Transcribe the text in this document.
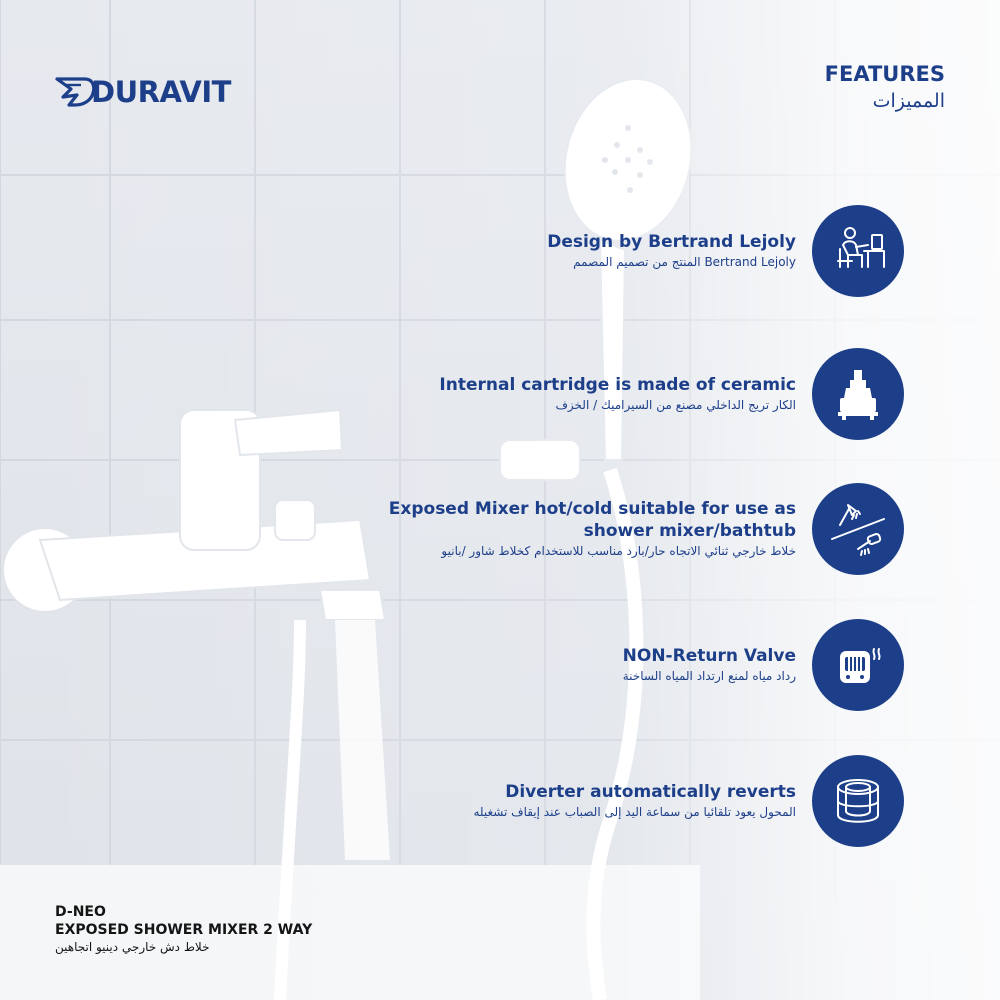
DURAVIT
FEATURES
المميزات
Design by Bertrand Lejoly
المنتج من تصميم المصمم Bertrand Lejoly
Internal cartridge is made of ceramic
الكار تريج الداخلي مصنع من السيراميك / الخزف
Exposed Mixer hot/cold suitable for use as
shower mixer/bathtub
خلاط خارجي ثنائي الاتجاه حار/بارد مناسب للاستخدام كخلاط شاور /بانيو
NON-Return Valve
رداد مياه لمنع ارتداد المياه الساخنة
Diverter automatically reverts
المحول يعود تلقائيا من سماعة اليد إلى الصباب عند إيقاف تشغيله
D-NEO
EXPOSED SHOWER MIXER 2 WAY
خلاط دش خارجي دينيو اتجاهين
